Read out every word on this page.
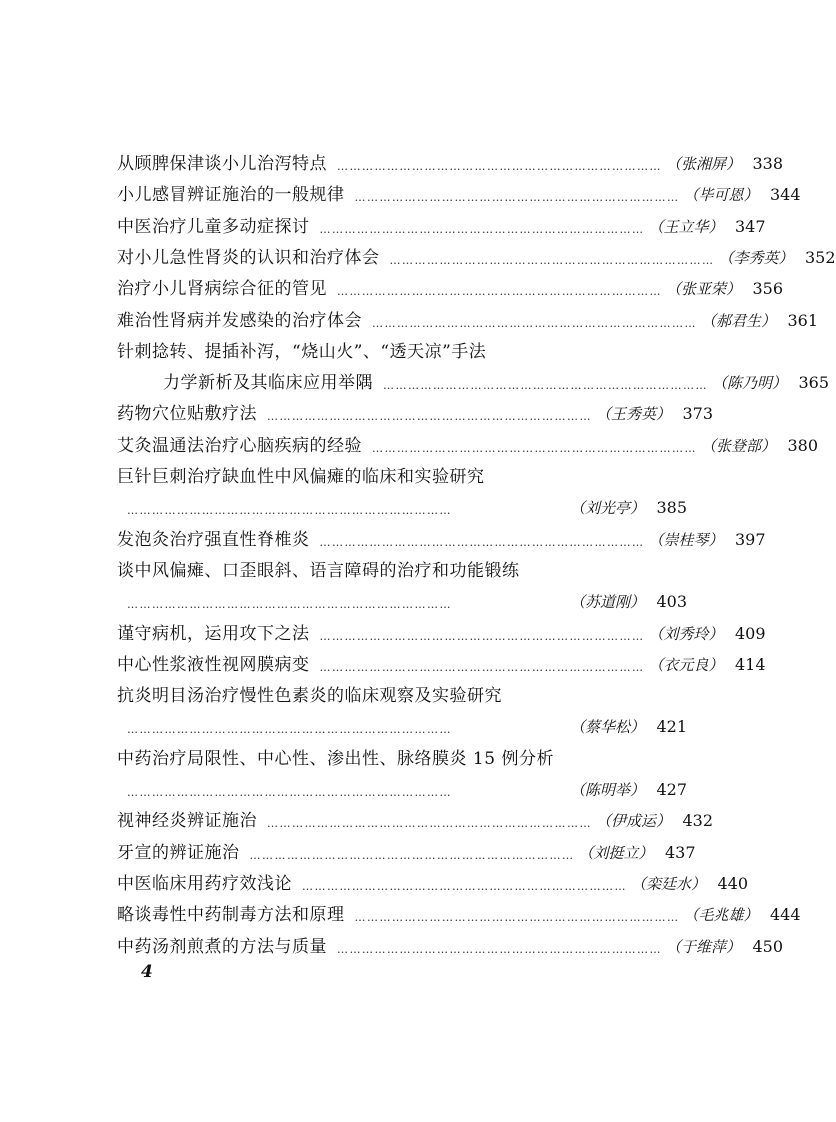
从顾脾保津谈小儿治泻特点 …………………………………………………………………… （张湘屏） 338
小儿感冒辨证施治的一般规律 …………………………………………………………………… （毕可恩） 344
中医治疗儿童多动症探讨 …………………………………………………………………… （王立华） 347
对小儿急性肾炎的认识和治疗体会 …………………………………………………………………… （李秀英） 352
治疗小儿肾病综合征的管见 …………………………………………………………………… （张亚荣） 356
难治性肾病并发感染的治疗体会 …………………………………………………………………… （郝君生） 361
针刺捻转、提插补泻，“烧山火”、“透天凉”手法
力学新析及其临床应用举隅 …………………………………………………………………… （陈乃明） 365
药物穴位贴敷疗法 …………………………………………………………………… （王秀英） 373
艾灸温通法治疗心脑疾病的经验 …………………………………………………………………… （张登部） 380
巨针巨刺治疗缺血性中风偏瘫的临床和实验研究
……………………………………………………………………	（刘光亭） 385
发泡灸治疗强直性脊椎炎 …………………………………………………………………… （崇桂琴） 397
谈中风偏瘫、口歪眼斜、语言障碍的治疗和功能锻练
……………………………………………………………………	（苏道刚） 403
谨守病机，运用攻下之法 …………………………………………………………………… （刘秀玲） 409
中心性浆液性视网膜病变 …………………………………………………………………… （衣元良） 414
抗炎明目汤治疗慢性色素炎的临床观察及实验研究
……………………………………………………………………	（蔡华松） 421
中药治疗局限性、中心性、渗出性、脉络膜炎 15 例分析
……………………………………………………………………	（陈明举） 427
视神经炎辨证施治 …………………………………………………………………… （伊成运） 432
牙宣的辨证施治 …………………………………………………………………… （刘挺立） 437
中医临床用药疗效浅论 …………………………………………………………………… （栾廷水） 440
略谈毒性中药制毒方法和原理 …………………………………………………………………… （毛兆雄） 444
中药汤剂煎煮的方法与质量 …………………………………………………………………… （于维萍） 450
4
